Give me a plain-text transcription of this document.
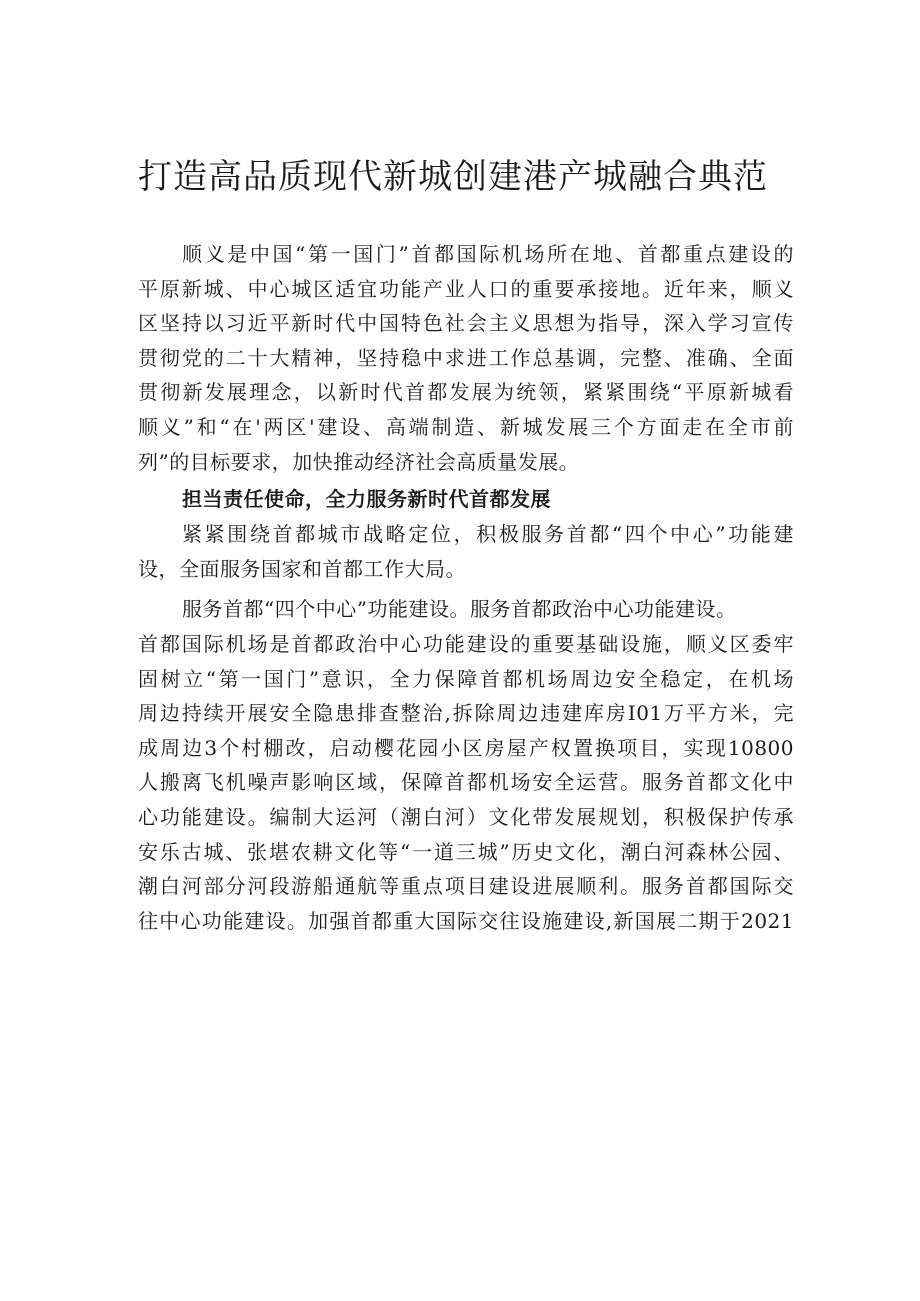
打造高品质现代新城创建港产城融合典范
顺义是中国“第一国门”首都国际机场所在地、首都重点建设的
平原新城、中心城区适宜功能产业人口的重要承接地。近年来，顺义
区坚持以习近平新时代中国特色社会主义思想为指导，深入学习宣传
贯彻党的二十大精神，坚持稳中求进工作总基调，完整、准确、全面
贯彻新发展理念，以新时代首都发展为统领，紧紧围绕“平原新城看
顺义”和“在'两区'建设、高端制造、新城发展三个方面走在全市前
列”的目标要求，加快推动经济社会高质量发展。
担当责任使命，全力服务新时代首都发展
紧紧围绕首都城市战略定位，积极服务首都“四个中心”功能建
设，全面服务国家和首都工作大局。
服务首都“四个中心”功能建设。服务首都政治中心功能建设。
首都国际机场是首都政治中心功能建设的重要基础设施，顺义区委牢
固树立“第一国门”意识，全力保障首都机场周边安全稳定，在机场
周边持续开展安全隐患排查整治,拆除周边违建库房I01万平方米，完
成周边3个村棚改，启动樱花园小区房屋产权置换项目，实现10800
人搬离飞机噪声影响区域，保障首都机场安全运营。服务首都文化中
心功能建设。编制大运河（潮白河）文化带发展规划，积极保护传承
安乐古城、张堪农耕文化等“一道三城”历史文化，潮白河森林公园、
潮白河部分河段游船通航等重点项目建设进展顺利。服务首都国际交
往中心功能建设。加强首都重大国际交往设施建设,新国展二期于2021
